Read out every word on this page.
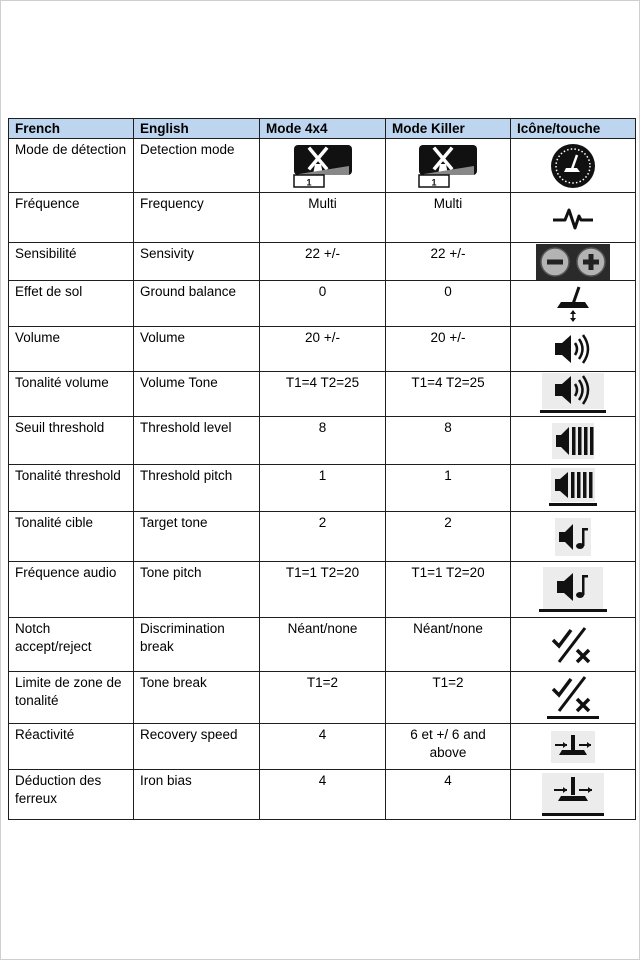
French	English	Mode 4x4	Mode Killer	Icône/touche
Mode de détection	Detection mode	1	1

Fréquence	Frequency	Multi	Multi	

Sensibilité	Sensivity	22 +/-	22 +/-	

Effet de sol	Ground balance	0	0	

Volume	Volume	20 +/-	20 +/-	

Tonalité volume	Volume Tone	T1=4 T2=25	T1=4 T2=25	

Seuil threshold	Threshold level	8	8	

Tonalité threshold	Threshold pitch	1	1	

Tonalité cible	Target tone	2	2	

Fréquence audio	Tone pitch	T1=1 T2=20	T1=1 T2=20	

Notch accept/reject	Discrimination break	Néant/none	Néant/none	

Limite de zone de tonalité	Tone break	T1=2	T1=2	

Réactivité	Recovery speed	4	6 et +/ 6 and above	

Déduction des ferreux	Iron bias	4	4	
